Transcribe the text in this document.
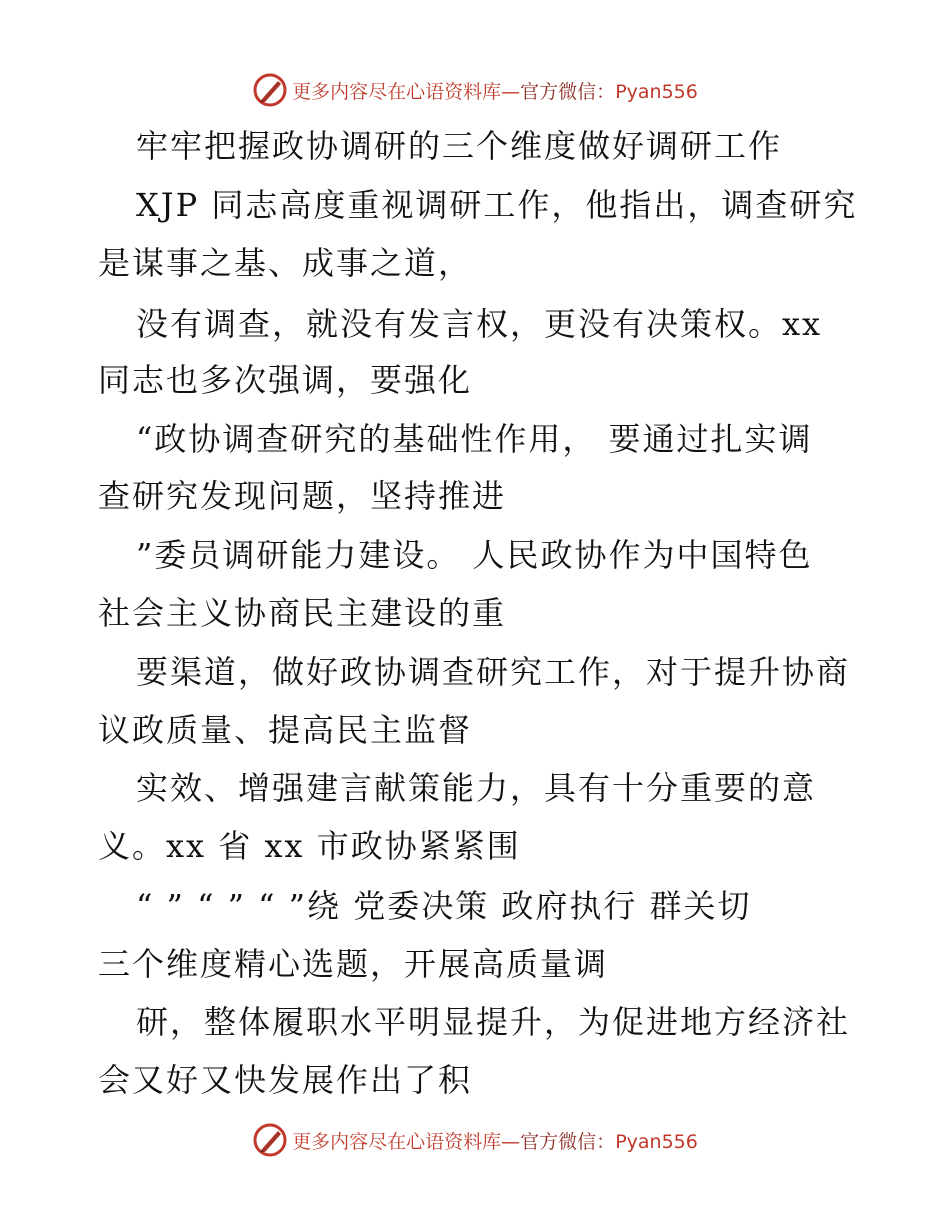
更多内容尽在心语资料库—官方微信：Pyan556
牢牢把握政协调研的三个维度做好调研工作
XJP 同志高度重视调研工作，他指出，调查研究
是谋事之基、成事之道，
没有调查，就没有发言权，更没有决策权。xx
同志也多次强调，要强化
“政协调查研究的基础性作用， 要通过扎实调
查研究发现问题，坚持推进
”委员调研能力建设。 人民政协作为中国特色
社会主义协商民主建设的重
要渠道，做好政协调查研究工作，对于提升协商
议政质量、提高民主监督
实效、增强建言献策能力，具有十分重要的意
义。xx 省 xx 市政协紧紧围
“ ” “ ” “ ”绕 党委决策 政府执行 群关切
三个维度精心选题，开展高质量调
研，整体履职水平明显提升，为促进地方经济社
会又好又快发展作出了积
更多内容尽在心语资料库—官方微信：Pyan556
